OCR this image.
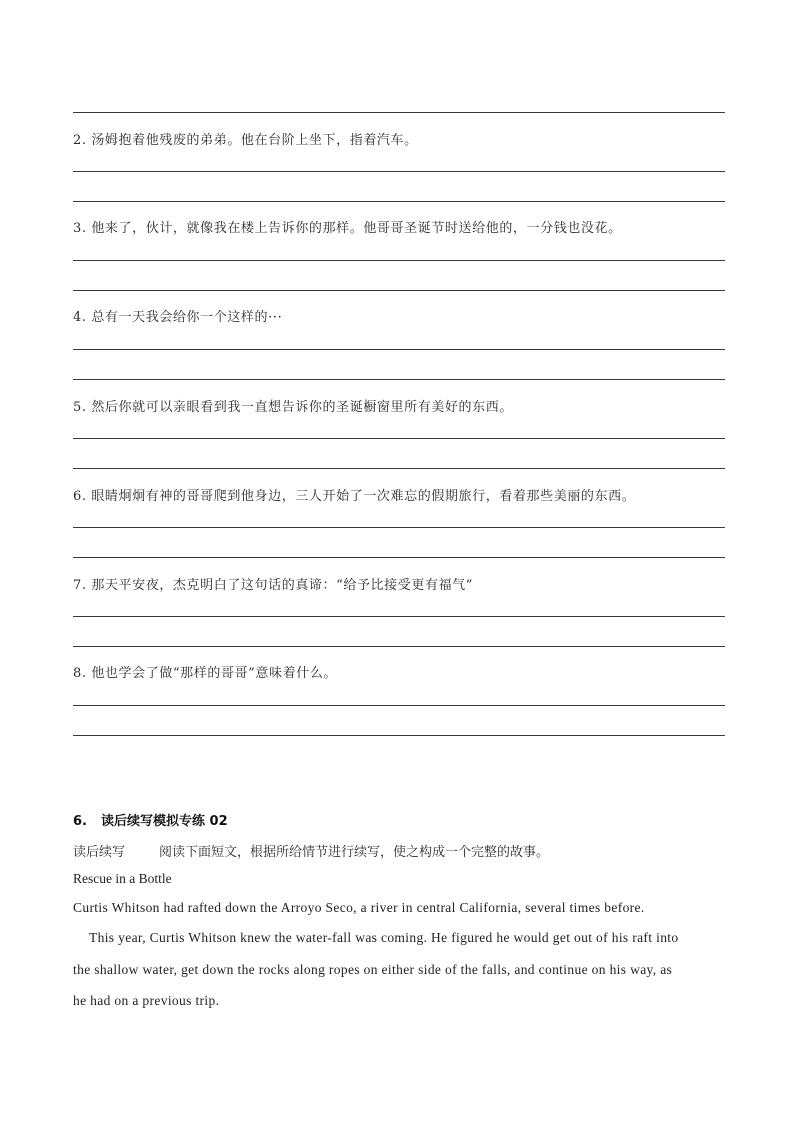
2. 汤姆抱着他残废的弟弟。他在台阶上坐下，指着汽车。
3. 他来了，伙计，就像我在楼上告诉你的那样。他哥哥圣诞节时送给他的，一分钱也没花。
4. 总有一天我会给你一个这样的···
5. 然后你就可以亲眼看到我一直想告诉你的圣诞橱窗里所有美好的东西。
6. 眼睛炯炯有神的哥哥爬到他身边，三人开始了一次难忘的假期旅行，看着那些美丽的东西。
7. 那天平安夜，杰克明白了这句话的真谛：“给予比接受更有福气”
8. 他也学会了做“那样的哥哥”意味着什么。
6. 读后续写模拟专练 02
读后续写	阅读下面短文，根据所给情节进行续写，使之构成一个完整的故事。
Rescue in a Bottle
Curtis Whitson had rafted down the Arroyo Seco, a river in central California, several times before.
This year, Curtis Whitson knew the water-fall was coming. He figured he would get out of his raft into
the shallow water, get down the rocks along ropes on either side of the falls, and continue on his way, as
he had on a previous trip.
